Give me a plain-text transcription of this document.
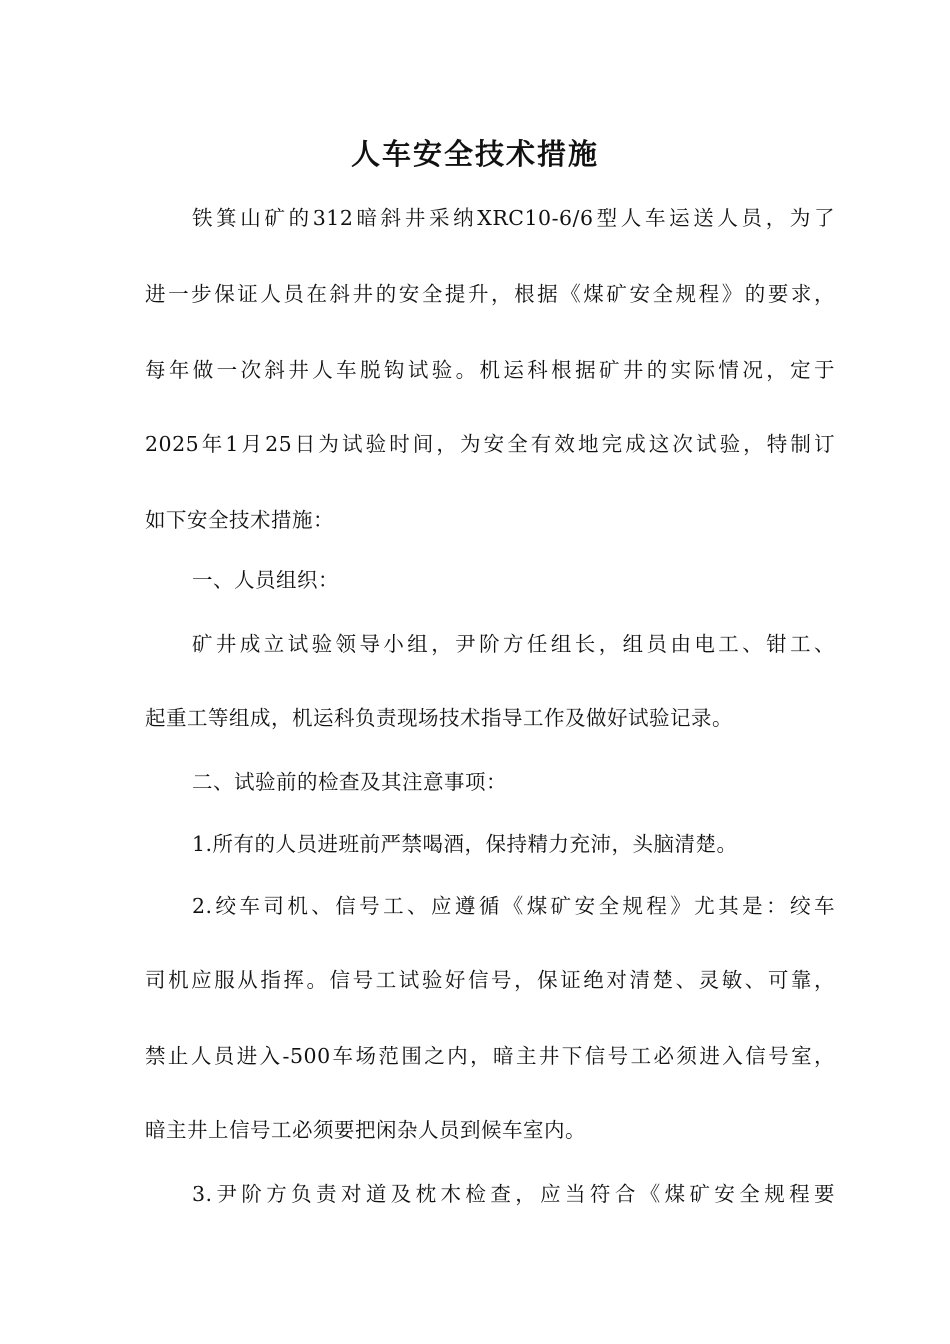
人车安全技术措施
铁箕山矿的312暗斜井采纳XRC10-6/6型人车运送人员，为了
进一步保证人员在斜井的安全提升，根据《煤矿安全规程》的要求，
每年做一次斜井人车脱钩试验。机运科根据矿井的实际情况，定于
2025年1月25日为试验时间，为安全有效地完成这次试验，特制订
如下安全技术措施：
一、人员组织：
矿井成立试验领导小组，尹阶方任组长，组员由电工、钳工、
起重工等组成，机运科负责现场技术指导工作及做好试验记录。
二、试验前的检查及其注意事项：
1.所有的人员进班前严禁喝酒，保持精力充沛，头脑清楚。
2.绞车司机、信号工、应遵循《煤矿安全规程》尤其是：绞车
司机应服从指挥。信号工试验好信号，保证绝对清楚、灵敏、可靠，
禁止人员进入-500车场范围之内，暗主井下信号工必须进入信号室，
暗主井上信号工必须要把闲杂人员到候车室内。
3.尹阶方负责对道及枕木检查，应当符合《煤矿安全规程要
